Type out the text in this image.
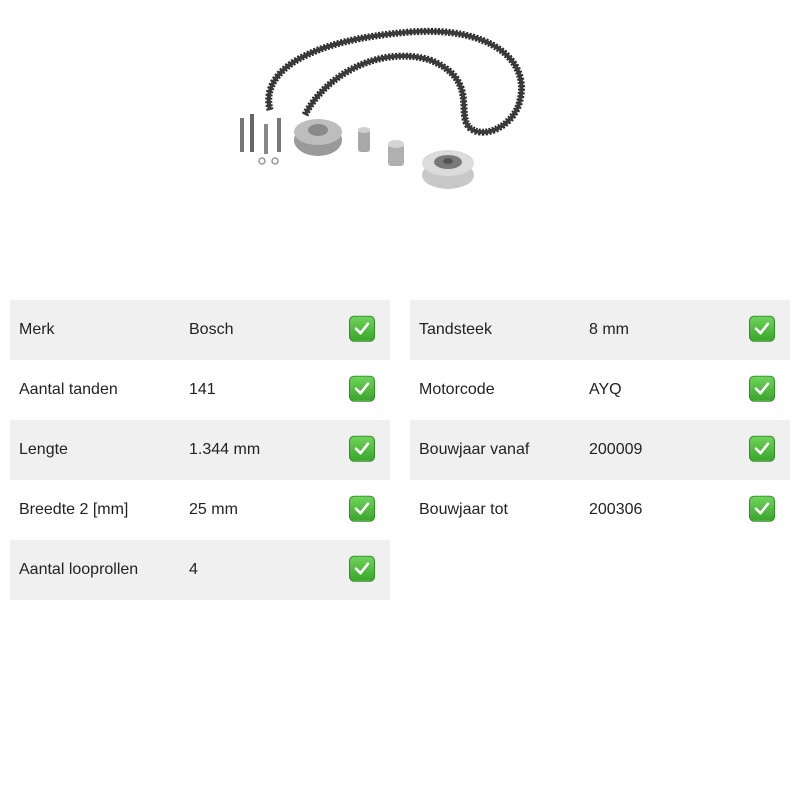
Merk	Bosch
Aantal tanden	141
Lengte	1.344 mm
Breedte 2 [mm]	25 mm
Aantal looprollen	4
Tandsteek	8 mm
Motorcode	AYQ
Bouwjaar vanaf	200009
Bouwjaar tot	200306
